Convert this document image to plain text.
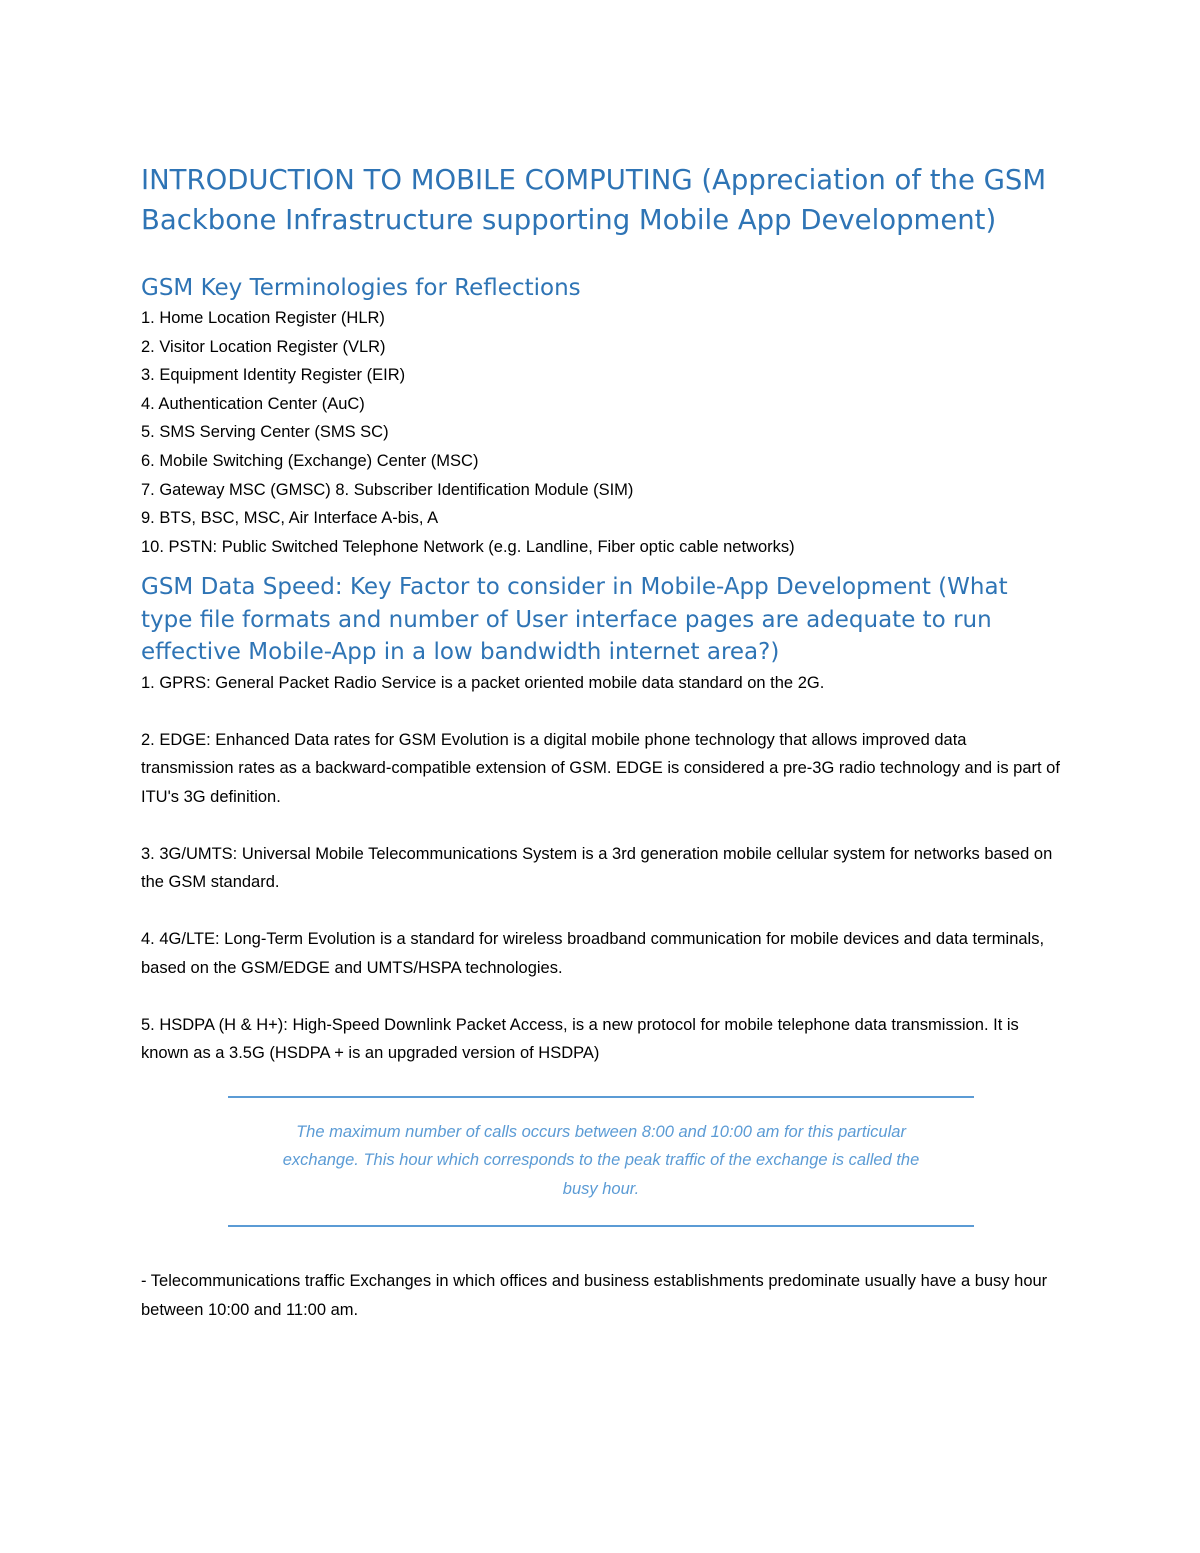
INTRODUCTION TO MOBILE COMPUTING (Appreciation of the GSM Backbone Infrastructure supporting Mobile App Development)
GSM Key Terminologies for Reflections
1. Home Location Register (HLR)
2. Visitor Location Register (VLR)
3. Equipment Identity Register (EIR)
4. Authentication Center (AuC)
5. SMS Serving Center (SMS SC)
6. Mobile Switching (Exchange) Center (MSC)
7. Gateway MSC (GMSC) 8. Subscriber Identification Module (SIM)
9. BTS, BSC, MSC, Air Interface A-bis, A
10. PSTN: Public Switched Telephone Network (e.g. Landline, Fiber optic cable networks)
GSM Data Speed: Key Factor to consider in Mobile-App Development (What type file formats and number of User interface pages are adequate to run effective Mobile-App in a low bandwidth internet area?)

1. GPRS: General Packet Radio Service is a packet oriented mobile data standard on the 2G.

2. EDGE: Enhanced Data rates for GSM Evolution is a digital mobile phone technology that allows improved data transmission rates as a backward-compatible extension of GSM. EDGE is considered a pre-3G radio technology and is part of ITU's 3G definition.

3. 3G/UMTS: Universal Mobile Telecommunications System is a 3rd generation mobile cellular system for networks based on the GSM standard.

4. 4G/LTE: Long-Term Evolution is a standard for wireless broadband communication for mobile devices and data terminals, based on the GSM/EDGE and UMTS/HSPA technologies.

5. HSDPA (H & H+): High-Speed Downlink Packet Access, is a new protocol for mobile telephone data transmission. It is known as a 3.5G (HSDPA + is an upgraded version of HSDPA)

The maximum number of calls occurs between 8:00 and 10:00 am for this particular exchange. This hour which corresponds to the peak traffic of the exchange is called the busy hour.

- Telecommunications traffic Exchanges in which offices and business establishments predominate usually have a busy hour between 10:00 and 11:00 am.
